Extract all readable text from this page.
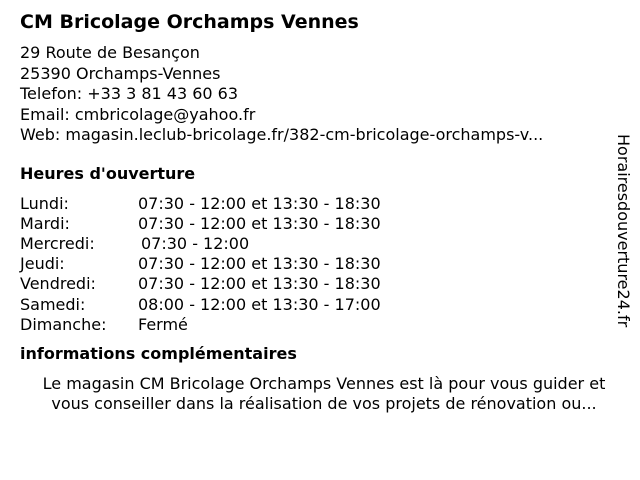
CM Bricolage Orchamps Vennes
29 Route de Besançon
25390 Orchamps-Vennes
Telefon: +33 3 81 43 60 63
Email: cmbricolage@yahoo.fr
Web: magasin.leclub-bricolage.fr/382-cm-bricolage-orchamps-v...
Heures d'ouverture
Lundi:	07:30 - 12:00 et 13:30 - 18:30
Mardi:	07:30 - 12:00 et 13:30 - 18:30
Mercredi:	07:30 - 12:00
Jeudi:	07:30 - 12:00 et 13:30 - 18:30
Vendredi:	07:30 - 12:00 et 13:30 - 18:30
Samedi:	08:00 - 12:00 et 13:30 - 17:00
Dimanche:	Fermé
informations complémentaires
Le magasin CM Bricolage Orchamps Vennes est là pour vous guider et
vous conseiller dans la réalisation de vos projets de rénovation ou...
Horairesdouverture24.fr
